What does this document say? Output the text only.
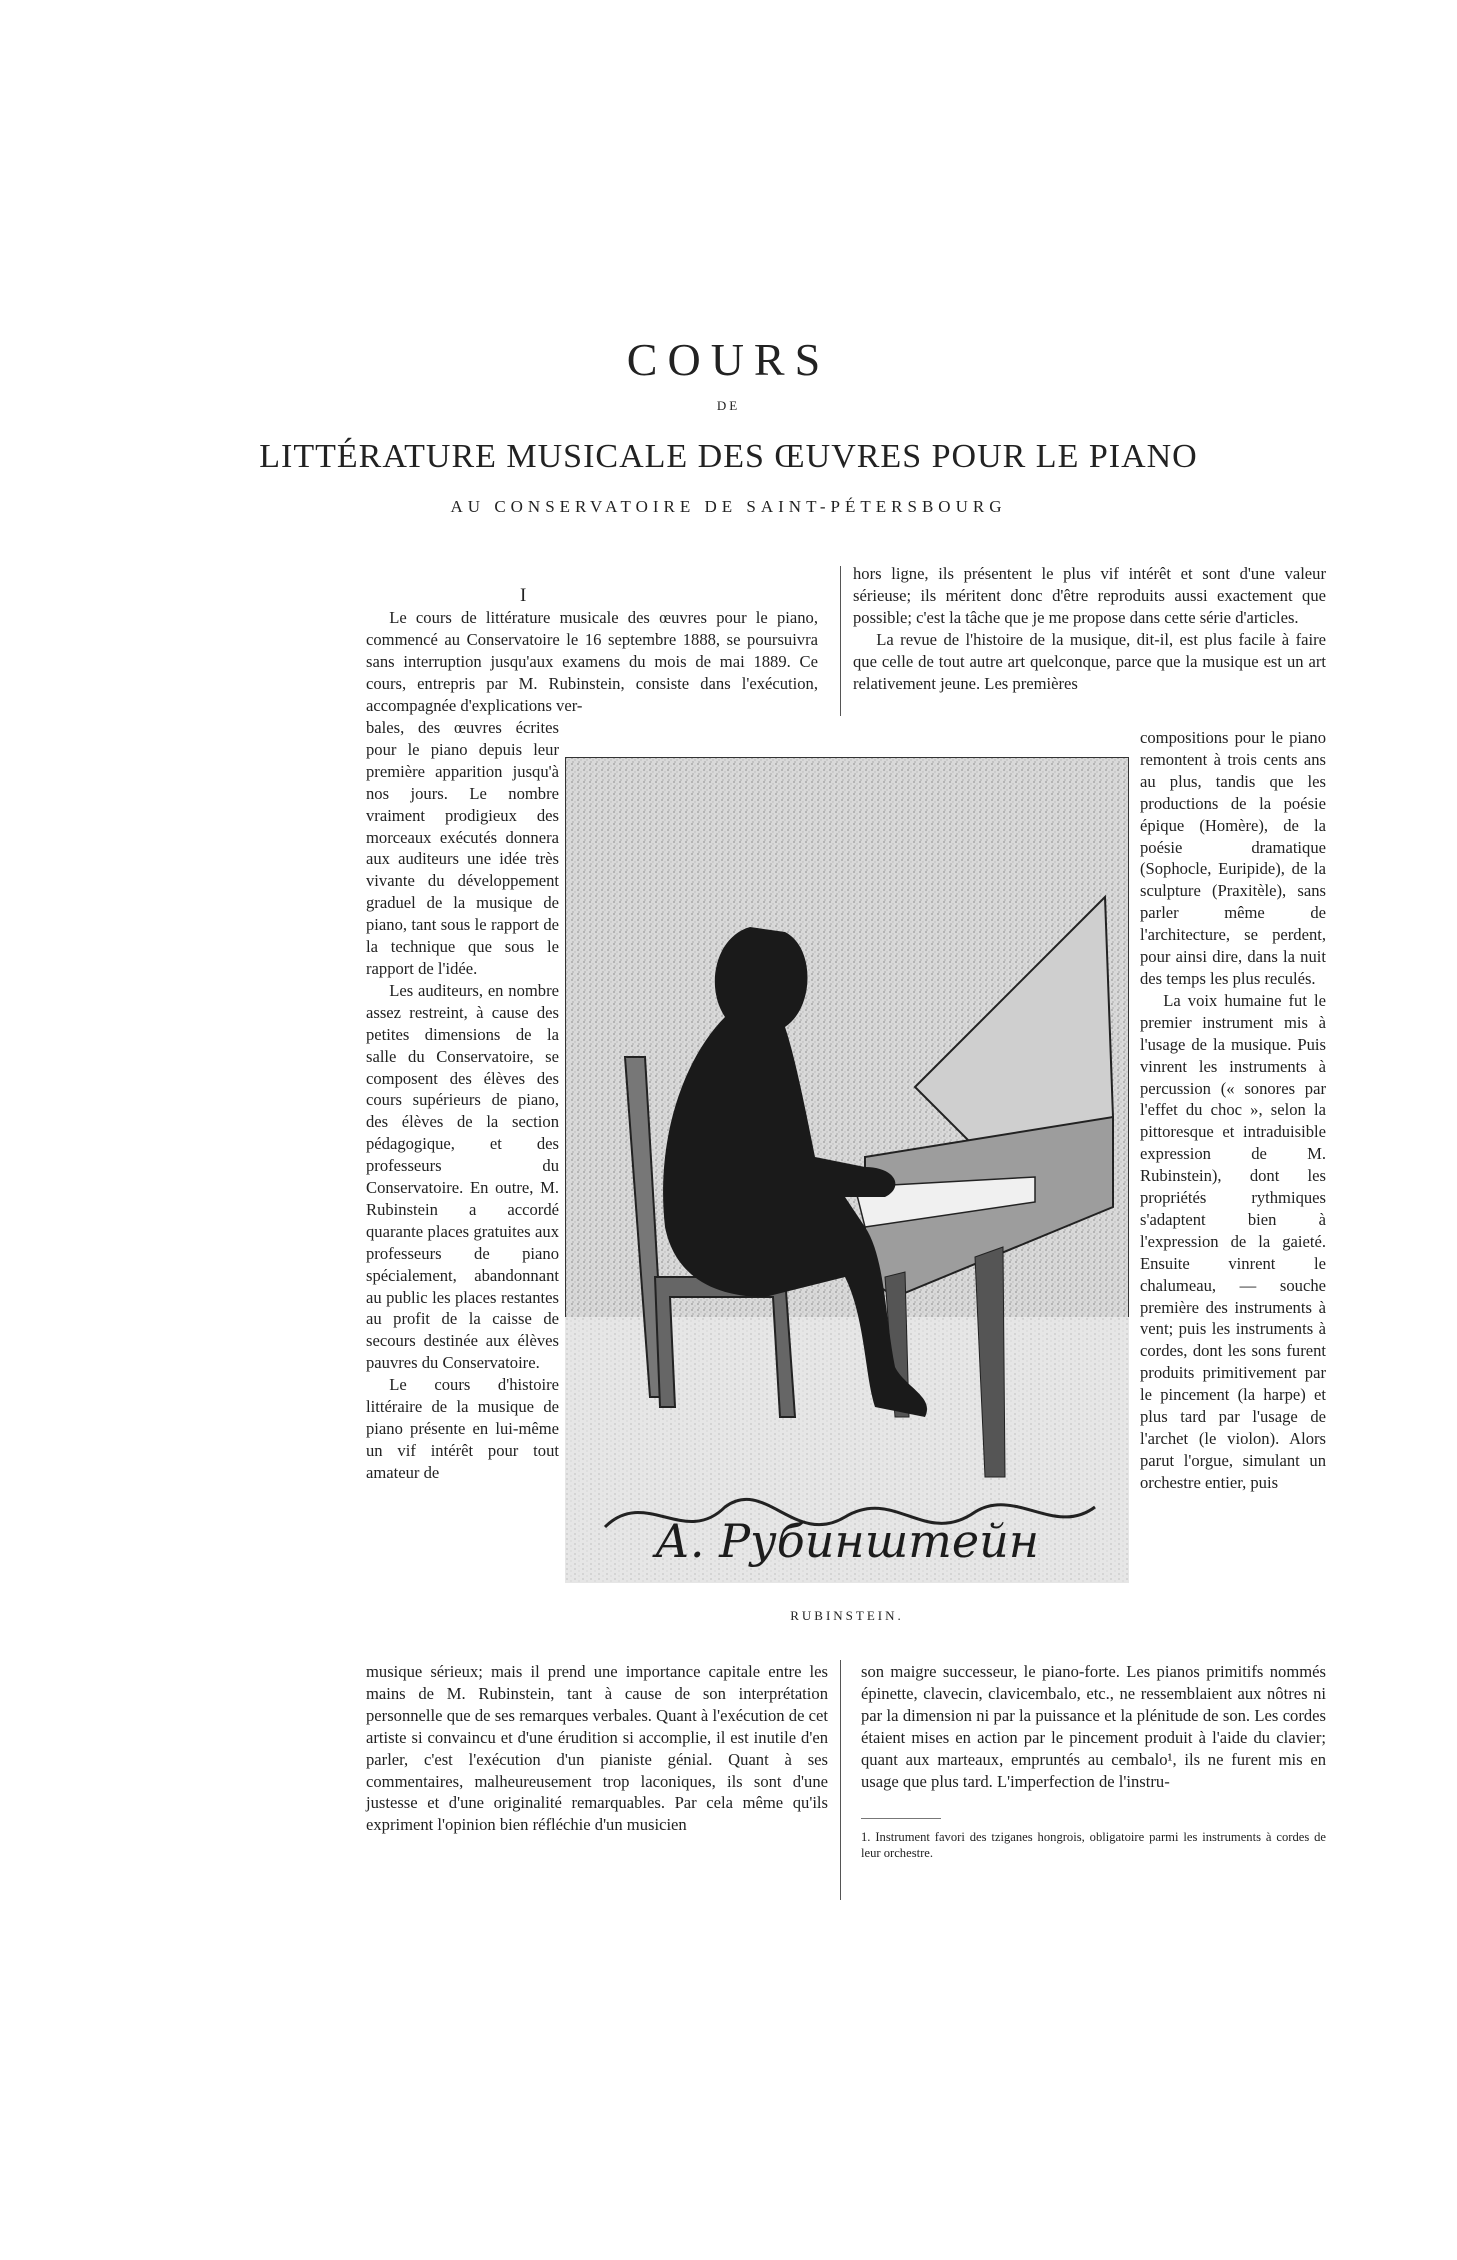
COURS
DE
LITTÉRATURE MUSICALE DES ŒUVRES POUR LE PIANO
AU CONSERVATOIRE DE SAINT-PÉTERSBOURG
I

Le cours de littérature musicale des œuvres pour le piano, commencé au Conservatoire le 16 septembre 1888, se poursuivra sans interruption jusqu'aux examens du mois de mai 1889. Ce cours, entrepris par M. Rubinstein, consiste dans l'exécution, accompagnée d'explications ver-

bales, des œuvres écrites pour le piano depuis leur première apparition jusqu'à nos jours. Le nombre vraiment prodigieux des morceaux exécutés donnera aux auditeurs une idée très vivante du développement graduel de la musique de piano, tant sous le rapport de la technique que sous le rapport de l'idée.

Les auditeurs, en nombre assez restreint, à cause des petites dimensions de la salle du Conservatoire, se composent des élèves des cours supérieurs de piano, des élèves de la section pédagogique, et des professeurs du Conservatoire. En outre, M. Rubinstein a accordé quarante places gratuites aux professeurs de piano spécialement, abandonnant au public les places restantes au profit de la caisse de secours destinée aux élèves pauvres du Conservatoire.

Le cours d'histoire littéraire de la musique de piano présente en lui-même un vif intérêt pour tout amateur de

musique sérieux; mais il prend une importance capitale entre les mains de M. Rubinstein, tant à cause de son interprétation personnelle que de ses remarques verbales. Quant à l'exécution de cet artiste si convaincu et d'une érudition si accomplie, il est inutile d'en parler, c'est l'exécution d'un pianiste génial. Quant à ses commentaires, malheureusement trop laconiques, ils sont d'une justesse et d'une originalité remarquables. Par cela même qu'ils expriment l'opinion bien réfléchie d'un musicien

hors ligne, ils présentent le plus vif intérêt et sont d'une valeur sérieuse; ils méritent donc d'être reproduits aussi exactement que possible; c'est la tâche que je me propose dans cette série d'articles.

La revue de l'histoire de la musique, dit-il, est plus facile à faire que celle de tout autre art quelconque, parce que la musique est un art relativement jeune. Les premières

compositions pour le piano remontent à trois cents ans au plus, tandis que les productions de la poésie épique (Homère), de la poésie dramatique (Sophocle, Euripide), de la sculpture (Praxitèle), sans parler même de l'architecture, se perdent, pour ainsi dire, dans la nuit des temps les plus reculés.

La voix humaine fut le premier instrument mis à l'usage de la musique. Puis vinrent les instruments à percussion (« sonores par l'effet du choc », selon la pittoresque et intraduisible expression de M. Rubinstein), dont les propriétés rythmiques s'adaptent bien à l'expression de la gaieté. Ensuite vinrent le chalumeau, — souche première des instruments à vent; puis les instruments à cordes, dont les sons furent produits primitivement par le pincement (la harpe) et plus tard par l'usage de l'archet (le violon). Alors parut l'orgue, simulant un orchestre entier, puis

son maigre successeur, le piano-forte. Les pianos primitifs nommés épinette, clavecin, clavicembalo, etc., ne ressemblaient aux nôtres ni par la dimension ni par la puissance et la plénitude de son. Les cordes étaient mises en action par le pincement produit à l'aide du clavier; quant aux marteaux, empruntés au cembalo¹, ils ne furent mis en usage que plus tard. L'imperfection de l'instru-

1. Instrument favori des tziganes hongrois, obligatoire parmi les instruments à cordes de leur orchestre.
А. Рубинштейн
RUBINSTEIN.
